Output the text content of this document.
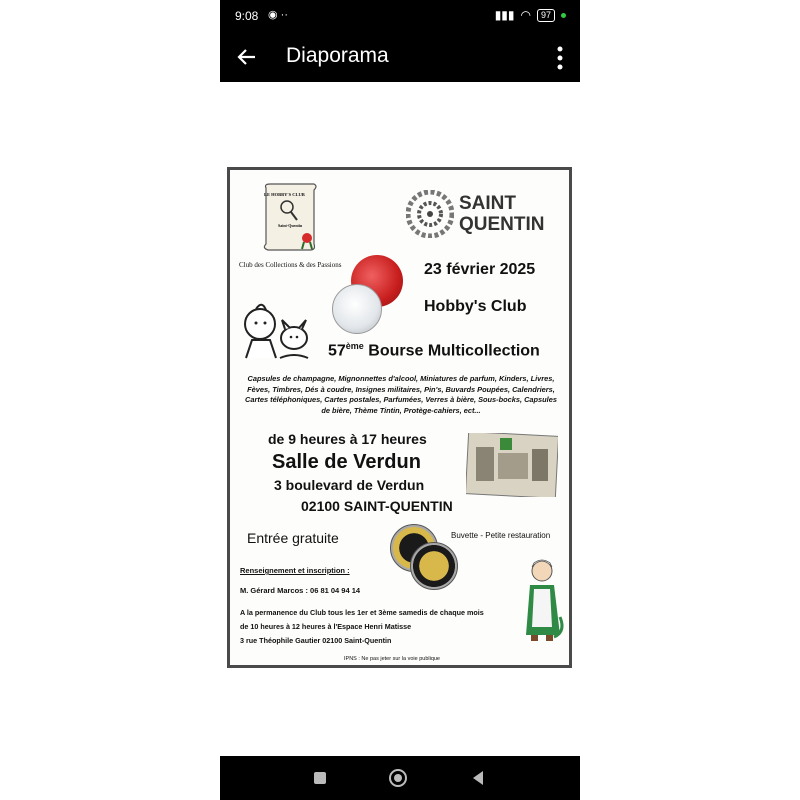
9:08 ◉ ··	▮▮▮ ◠	97
Diaporama
LE HOBBY'S CLUB
Saint-Quentin
Club des Collections & des Passions
SAINT
QUENTIN
23 février 2025
Hobby's Club
57ème Bourse Multicollection
Capsules de champagne, Mignonnettes d'alcool, Miniatures de parfum, Kinders, Livres, Fèves, Timbres, Dés à coudre, Insignes militaires, Pin's, Buvards Poupées, Calendriers, Cartes téléphoniques, Cartes postales, Parfumées, Verres à bière, Sous-bocks, Capsules de bière, Thème Tintin, Protège-cahiers, ect...
de 9 heures à 17 heures
Salle de Verdun
3 boulevard de Verdun
02100 SAINT-QUENTIN
Entrée gratuite	Buvette - Petite restauration
Renseignement et inscription :
M. Gérard Marcos : 06 81 04 94 14
A la permanence du Club tous les 1er et 3ème samedis de chaque mois
de 10 heures à 12 heures à l'Espace Henri Matisse
3 rue Théophile Gautier 02100 Saint-Quentin
IPNS : Ne pas jeter sur la voie publique
